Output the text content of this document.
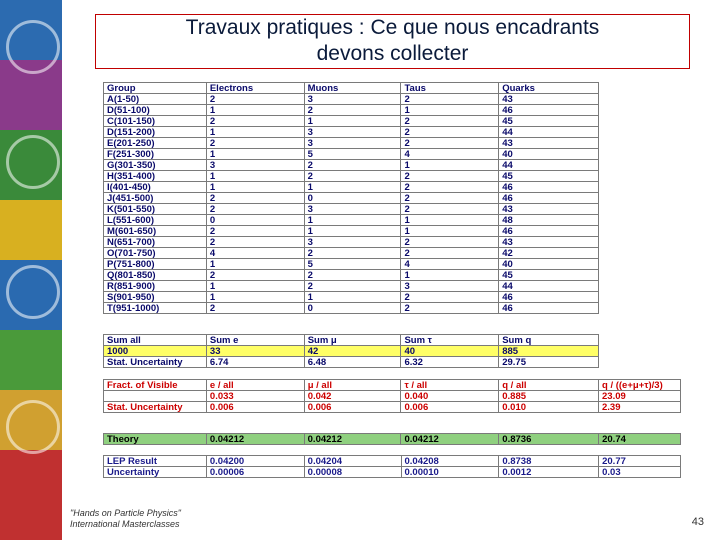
Travaux pratiques : Ce que nous encadrants
devons collecter
Group	Electrons	Muons	Taus	Quarks
A(1-50)	2	3	2	43
D(51-100)	1	2	1	46
C(101-150)	2	1	2	45
D(151-200)	1	3	2	44
E(201-250)	2	3	2	43
F(251-300)	1	5	4	40
G(301-350)	3	2	1	44
H(351-400)	1	2	2	45
I(401-450)	1	1	2	46
J(451-500)	2	0	2	46
K(501-550)	2	3	2	43
L(551-600)	0	1	1	48
M(601-650)	2	1	1	46
N(651-700)	2	3	2	43
O(701-750)	4	2	2	42
P(751-800)	1	5	4	40
Q(801-850)	2	2	1	45
R(851-900)	1	2	3	44
S(901-950)	1	1	2	46
T(951-1000)	2	0	2	46
Sum all	Sum e	Sum μ	Sum τ	Sum q
1000	33	42	40	885
Stat. Uncertainty	6.74	6.48	6.32	29.75
Fract. of Visible	e / all	μ / all	τ / all	q / all	q / ((e+μ+τ)/3)
	0.033	0.042	0.040	0.885	23.09
Stat. Uncertainty	0.006	0.006	0.006	0.010	2.39
Theory	0.04212	0.04212	0.04212	0.8736	20.74
LEP Result	0.04200	0.04204	0.04208	0.8738	20.77
Uncertainty	0.00006	0.00008	0.00010	0.0012	0.03
"Hands on Particle Physics"
International Masterclasses	43
